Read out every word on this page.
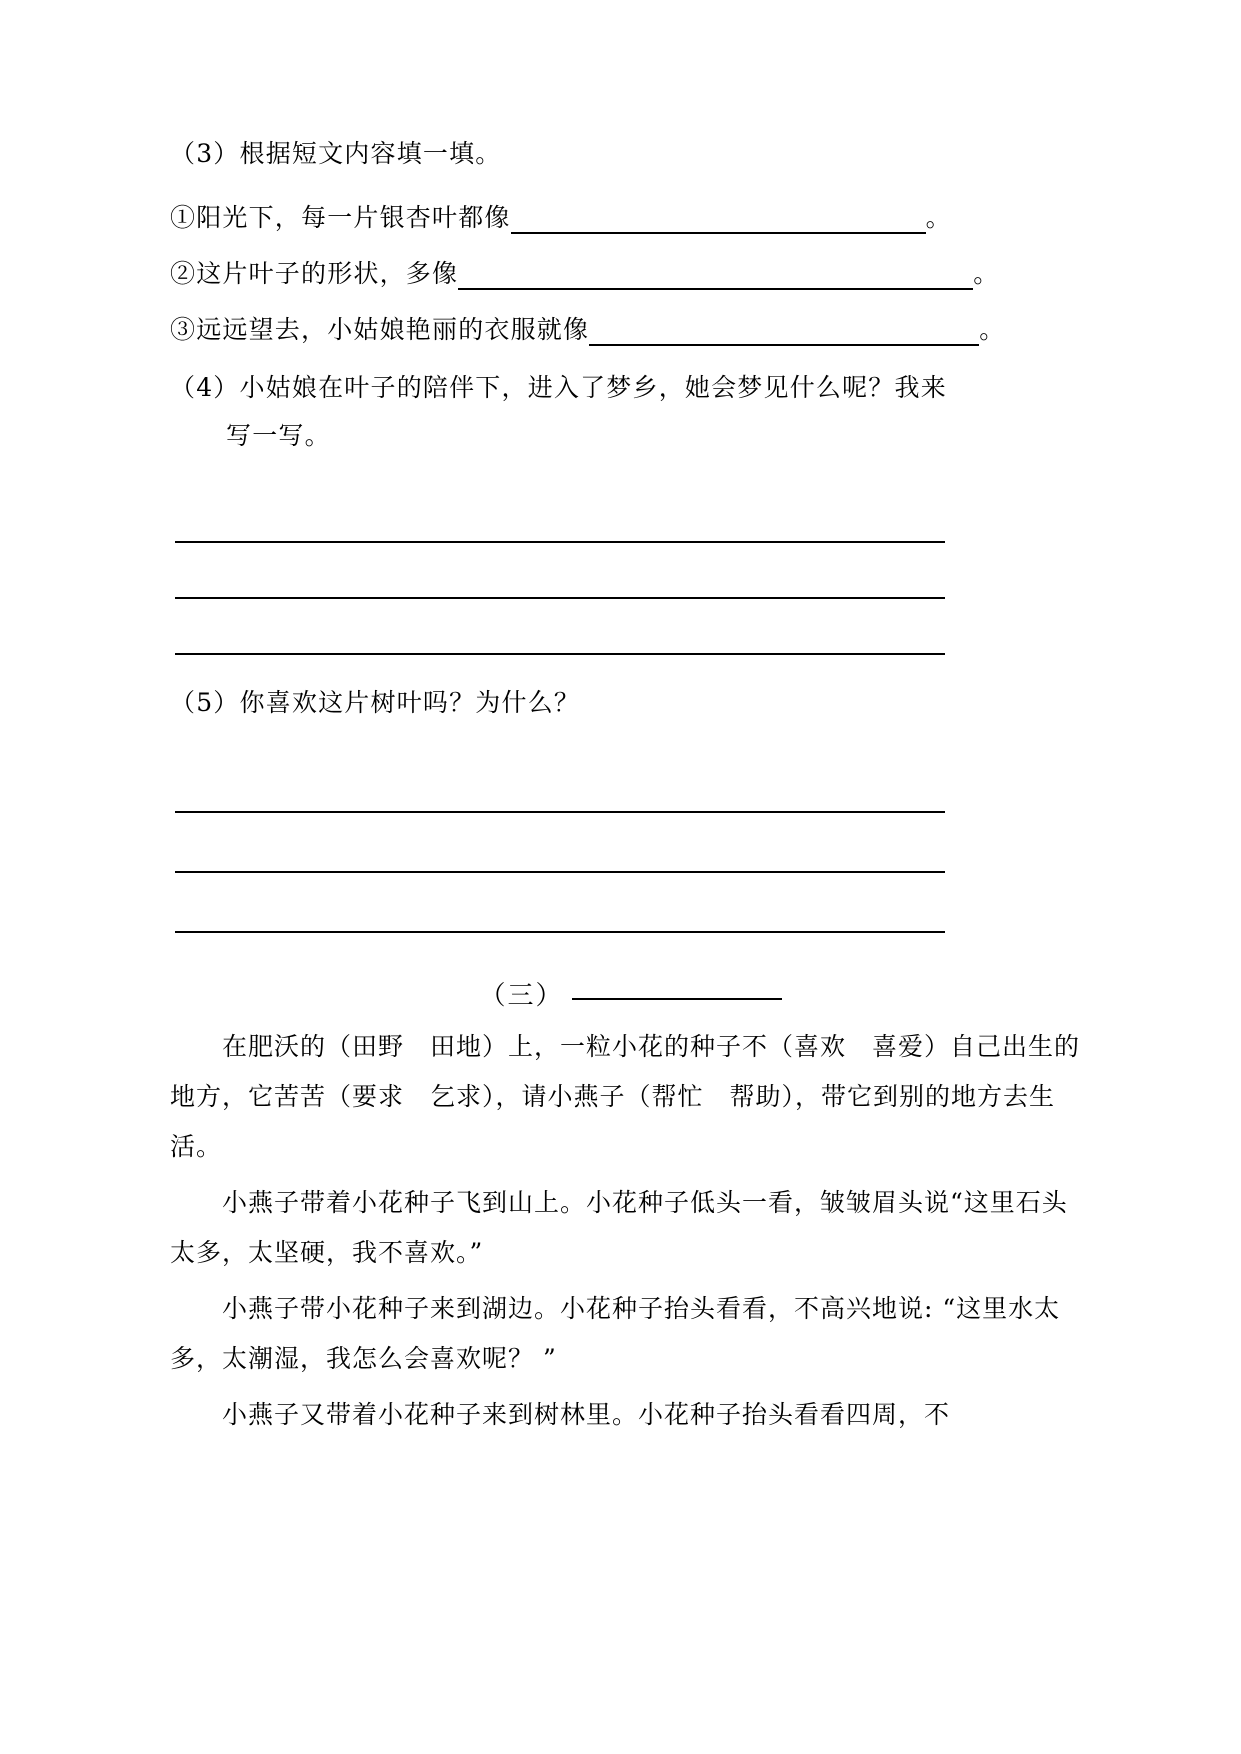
（3）根据短文内容填一填。
①阳光下，每一片银杏叶都像	。
②这片叶子的形状，多像	。
③远远望去，小姑娘艳丽的衣服就像	。
（4）小姑娘在叶子的陪伴下，进入了梦乡，她会梦见什么呢？我来
写一写。
（5）你喜欢这片树叶吗？为什么？
（三）
在肥沃的（田野　田地）上，一粒小花的种子不（喜欢　喜爱）自己出生的地方，它苦苦（要求　乞求），请小燕子（帮忙　帮助），带它到别的地方去生活。
小燕子带着小花种子飞到山上。小花种子低头一看，皱皱眉头说“这里石头太多，太坚硬，我不喜欢。”
小燕子带小花种子来到湖边。小花种子抬头看看，不高兴地说: “这里水太多，太潮湿，我怎么会喜欢呢？ ”
小燕子又带着小花种子来到树林里。小花种子抬头看看四周，不
